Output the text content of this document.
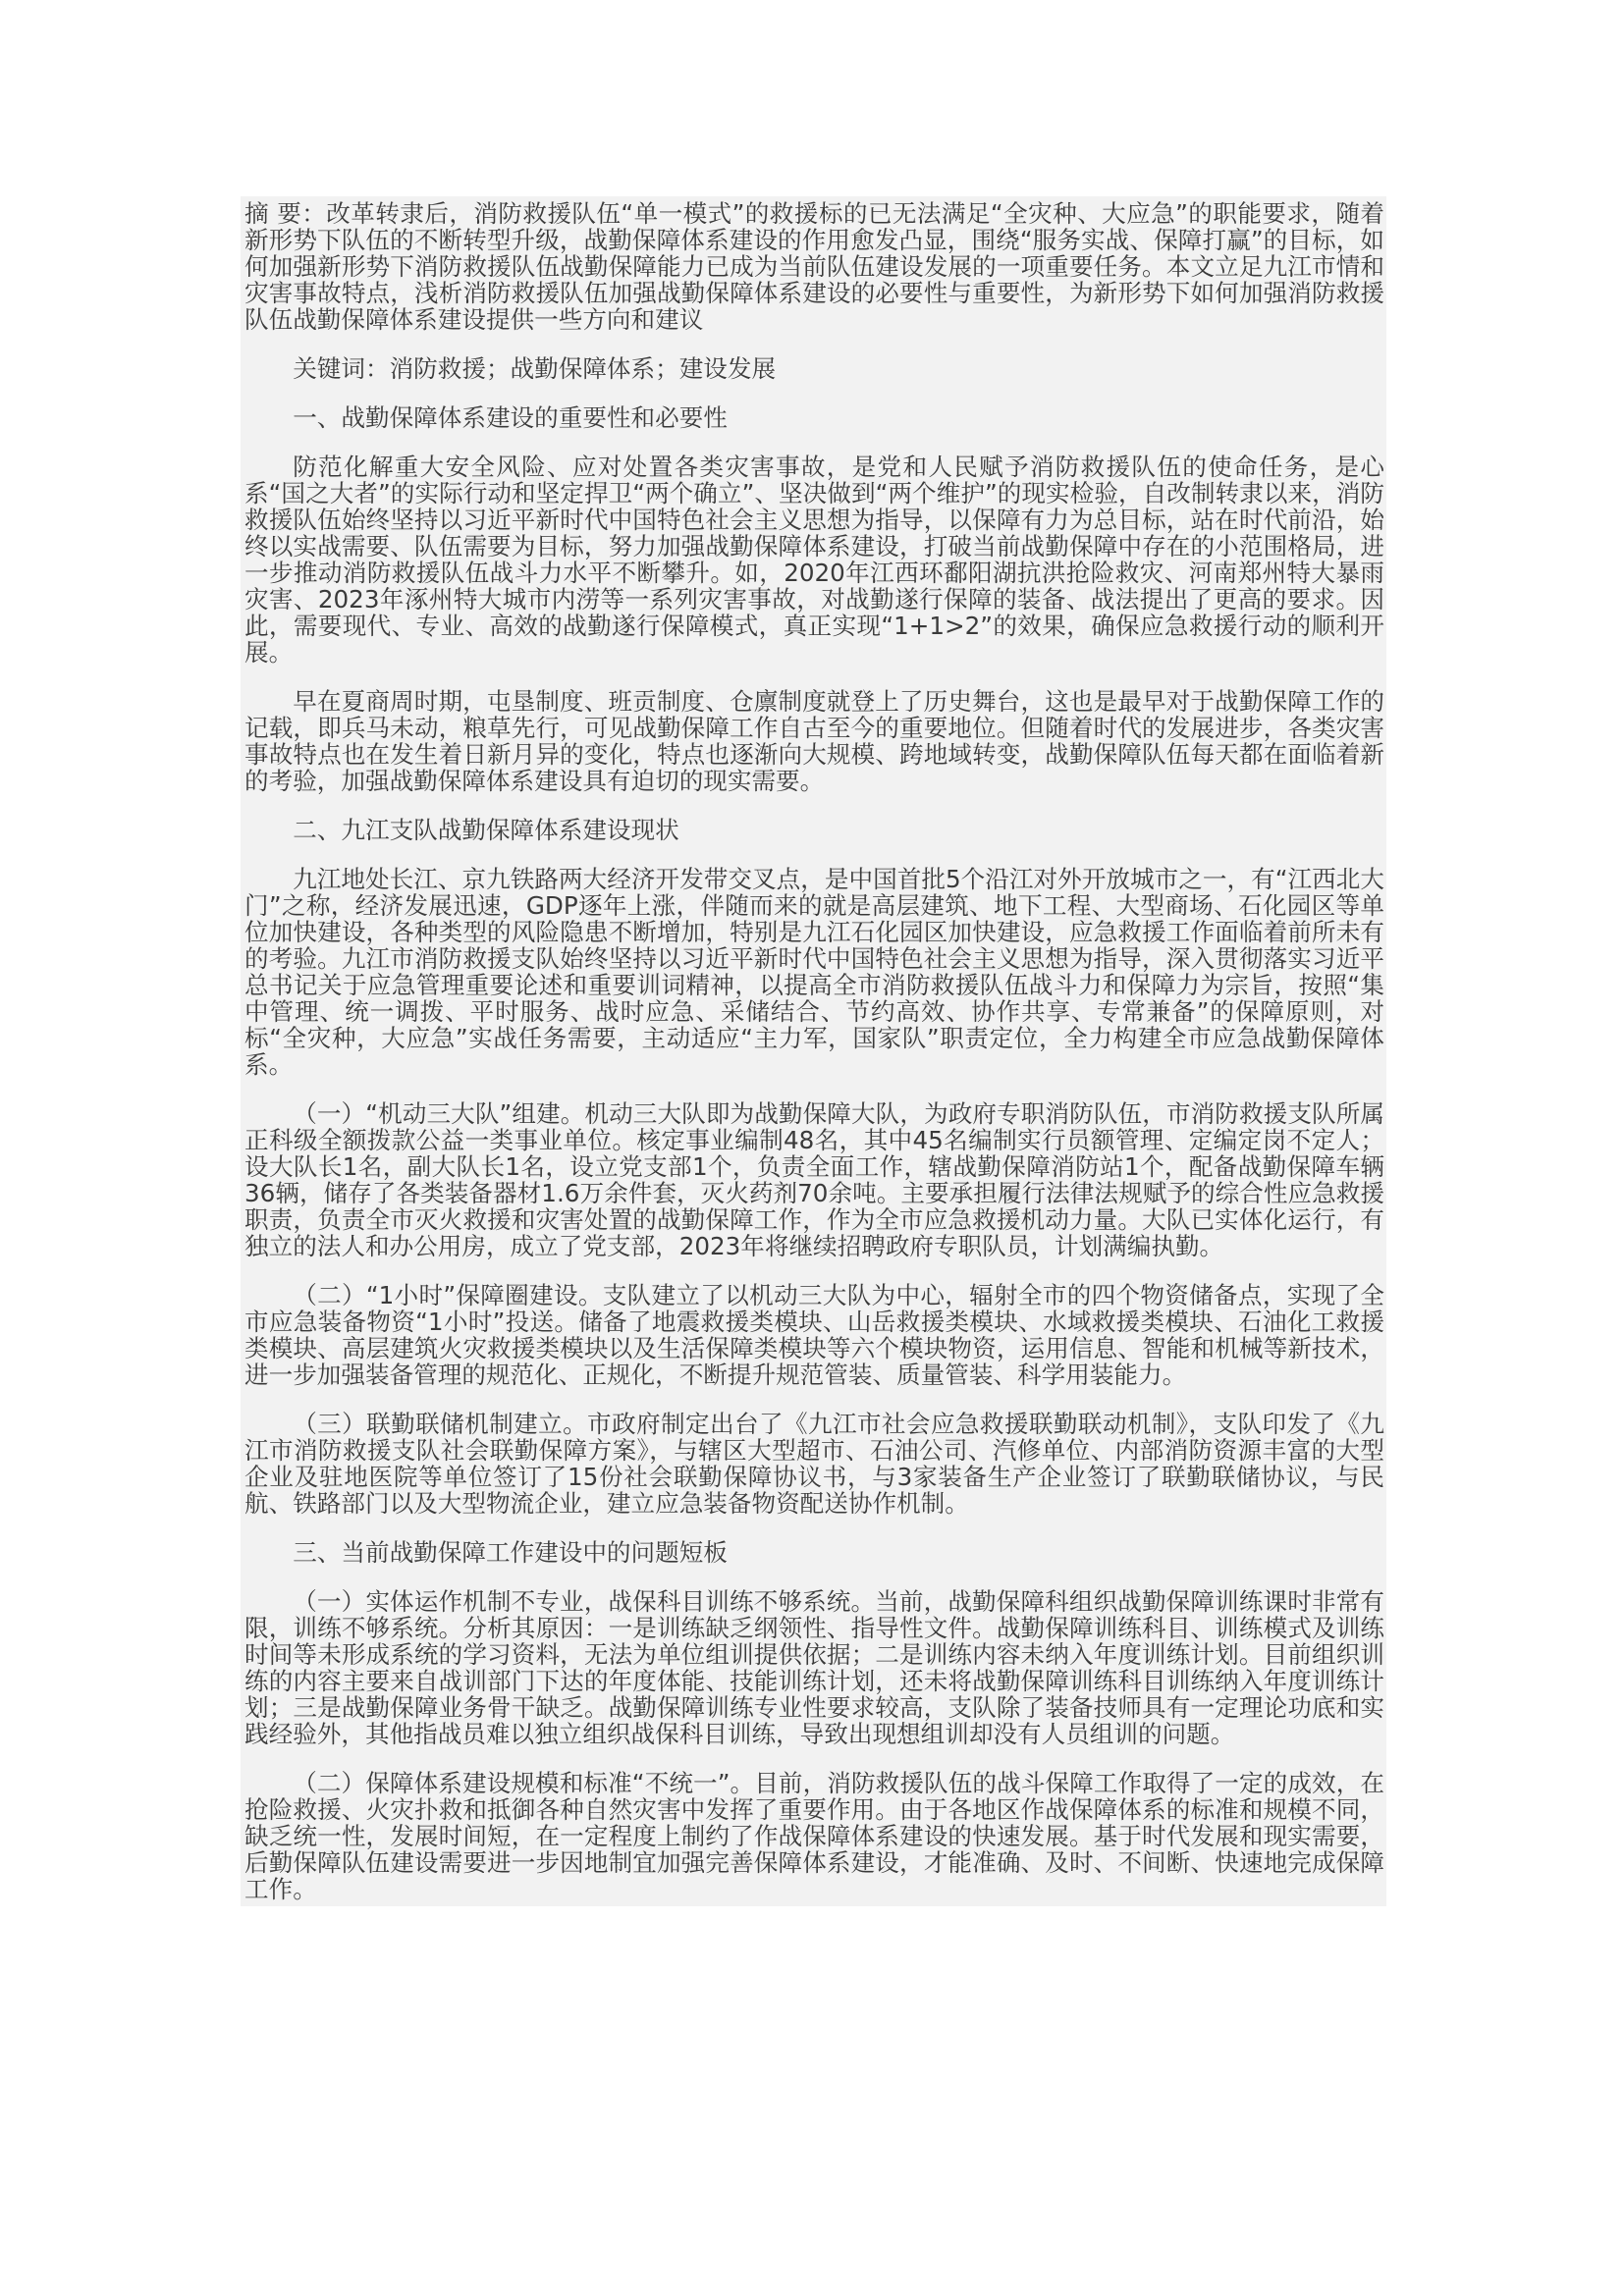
摘 要：改革转隶后，消防救援队伍“单一模式”的救援标的已无法满足“全灾种、大应急”的职能要求，随着新形势下队伍的不断转型升级，战勤保障体系建设的作用愈发凸显，围绕“服务实战、保障打赢”的目标，如何加强新形势下消防救援队伍战勤保障能力已成为当前队伍建设发展的一项重要任务。本文立足九江市情和灾害事故特点，浅析消防救援队伍加强战勤保障体系建设的必要性与重要性，为新形势下如何加强消防救援队伍战勤保障体系建设提供一些方向和建议

关键词：消防救援；战勤保障体系；建设发展

一、战勤保障体系建设的重要性和必要性

防范化解重大安全风险、应对处置各类灾害事故，是党和人民赋予消防救援队伍的使命任务，是心系“国之大者”的实际行动和坚定捍卫“两个确立”、坚决做到“两个维护”的现实检验，自改制转隶以来，消防救援队伍始终坚持以习近平新时代中国特色社会主义思想为指导，以保障有力为总目标，站在时代前沿，始终以实战需要、队伍需要为目标，努力加强战勤保障体系建设，打破当前战勤保障中存在的小范围格局，进一步推动消防救援队伍战斗力水平不断攀升。如，2020年江西环鄱阳湖抗洪抢险救灾、河南郑州特大暴雨灾害、2023年涿州特大城市内涝等一系列灾害事故，对战勤遂行保障的装备、战法提出了更高的要求。因此，需要现代、专业、高效的战勤遂行保障模式，真正实现“1+1>2”的效果，确保应急救援行动的顺利开展。

早在夏商周时期，屯垦制度、班贡制度、仓廪制度就登上了历史舞台，这也是最早对于战勤保障工作的记载，即兵马未动，粮草先行，可见战勤保障工作自古至今的重要地位。但随着时代的发展进步，各类灾害事故特点也在发生着日新月异的变化，特点也逐渐向大规模、跨地域转变，战勤保障队伍每天都在面临着新的考验，加强战勤保障体系建设具有迫切的现实需要。

二、九江支队战勤保障体系建设现状

九江地处长江、京九铁路两大经济开发带交叉点，是中国首批5个沿江对外开放城市之一，有“江西北大门”之称，经济发展迅速，GDP逐年上涨，伴随而来的就是高层建筑、地下工程、大型商场、石化园区等单位加快建设，各种类型的风险隐患不断增加，特别是九江石化园区加快建设，应急救援工作面临着前所未有的考验。九江市消防救援支队始终坚持以习近平新时代中国特色社会主义思想为指导，深入贯彻落实习近平总书记关于应急管理重要论述和重要训词精神，以提高全市消防救援队伍战斗力和保障力为宗旨，按照“集中管理、统一调拨、平时服务、战时应急、采储结合、节约高效、协作共享、专常兼备”的保障原则，对标“全灾种，大应急”实战任务需要，主动适应“主力军，国家队”职责定位，全力构建全市应急战勤保障体系。

（一）“机动三大队”组建。机动三大队即为战勤保障大队，为政府专职消防队伍，市消防救援支队所属正科级全额拨款公益一类事业单位。核定事业编制48名，其中45名编制实行员额管理、定编定岗不定人；设大队长1名，副大队长1名，设立党支部1个，负责全面工作，辖战勤保障消防站1个，配备战勤保障车辆36辆，储存了各类装备器材1.6万余件套，灭火药剂70余吨。主要承担履行法律法规赋予的综合性应急救援职责，负责全市灭火救援和灾害处置的战勤保障工作，作为全市应急救援机动力量。大队已实体化运行，有独立的法人和办公用房，成立了党支部，2023年将继续招聘政府专职队员，计划满编执勤。

（二）“1小时”保障圈建设。支队建立了以机动三大队为中心，辐射全市的四个物资储备点，实现了全市应急装备物资“1小时”投送。储备了地震救援类模块、山岳救援类模块、水域救援类模块、石油化工救援类模块、高层建筑火灾救援类模块以及生活保障类模块等六个模块物资，运用信息、智能和机械等新技术，进一步加强装备管理的规范化、正规化，不断提升规范管装、质量管装、科学用装能力。

（三）联勤联储机制建立。市政府制定出台了《九江市社会应急救援联勤联动机制》，支队印发了《九江市消防救援支队社会联勤保障方案》，与辖区大型超市、石油公司、汽修单位、内部消防资源丰富的大型企业及驻地医院等单位签订了15份社会联勤保障协议书，与3家装备生产企业签订了联勤联储协议，与民航、铁路部门以及大型物流企业，建立应急装备物资配送协作机制。

三、当前战勤保障工作建设中的问题短板

（一）实体运作机制不专业，战保科目训练不够系统。当前，战勤保障科组织战勤保障训练课时非常有限，训练不够系统。分析其原因：一是训练缺乏纲领性、指导性文件。战勤保障训练科目、训练模式及训练时间等未形成系统的学习资料，无法为单位组训提供依据；二是训练内容未纳入年度训练计划。目前组织训练的内容主要来自战训部门下达的年度体能、技能训练计划，还未将战勤保障训练科目训练纳入年度训练计划；三是战勤保障业务骨干缺乏。战勤保障训练专业性要求较高，支队除了装备技师具有一定理论功底和实践经验外，其他指战员难以独立组织战保科目训练，导致出现想组训却没有人员组训的问题。

（二）保障体系建设规模和标准“不统一”。目前，消防救援队伍的战斗保障工作取得了一定的成效，在抢险救援、火灾扑救和抵御各种自然灾害中发挥了重要作用。由于各地区作战保障体系的标准和规模不同，缺乏统一性，发展时间短，在一定程度上制约了作战保障体系建设的快速发展。基于时代发展和现实需要，后勤保障队伍建设需要进一步因地制宜加强完善保障体系建设，才能准确、及时、不间断、快速地完成保障工作。
